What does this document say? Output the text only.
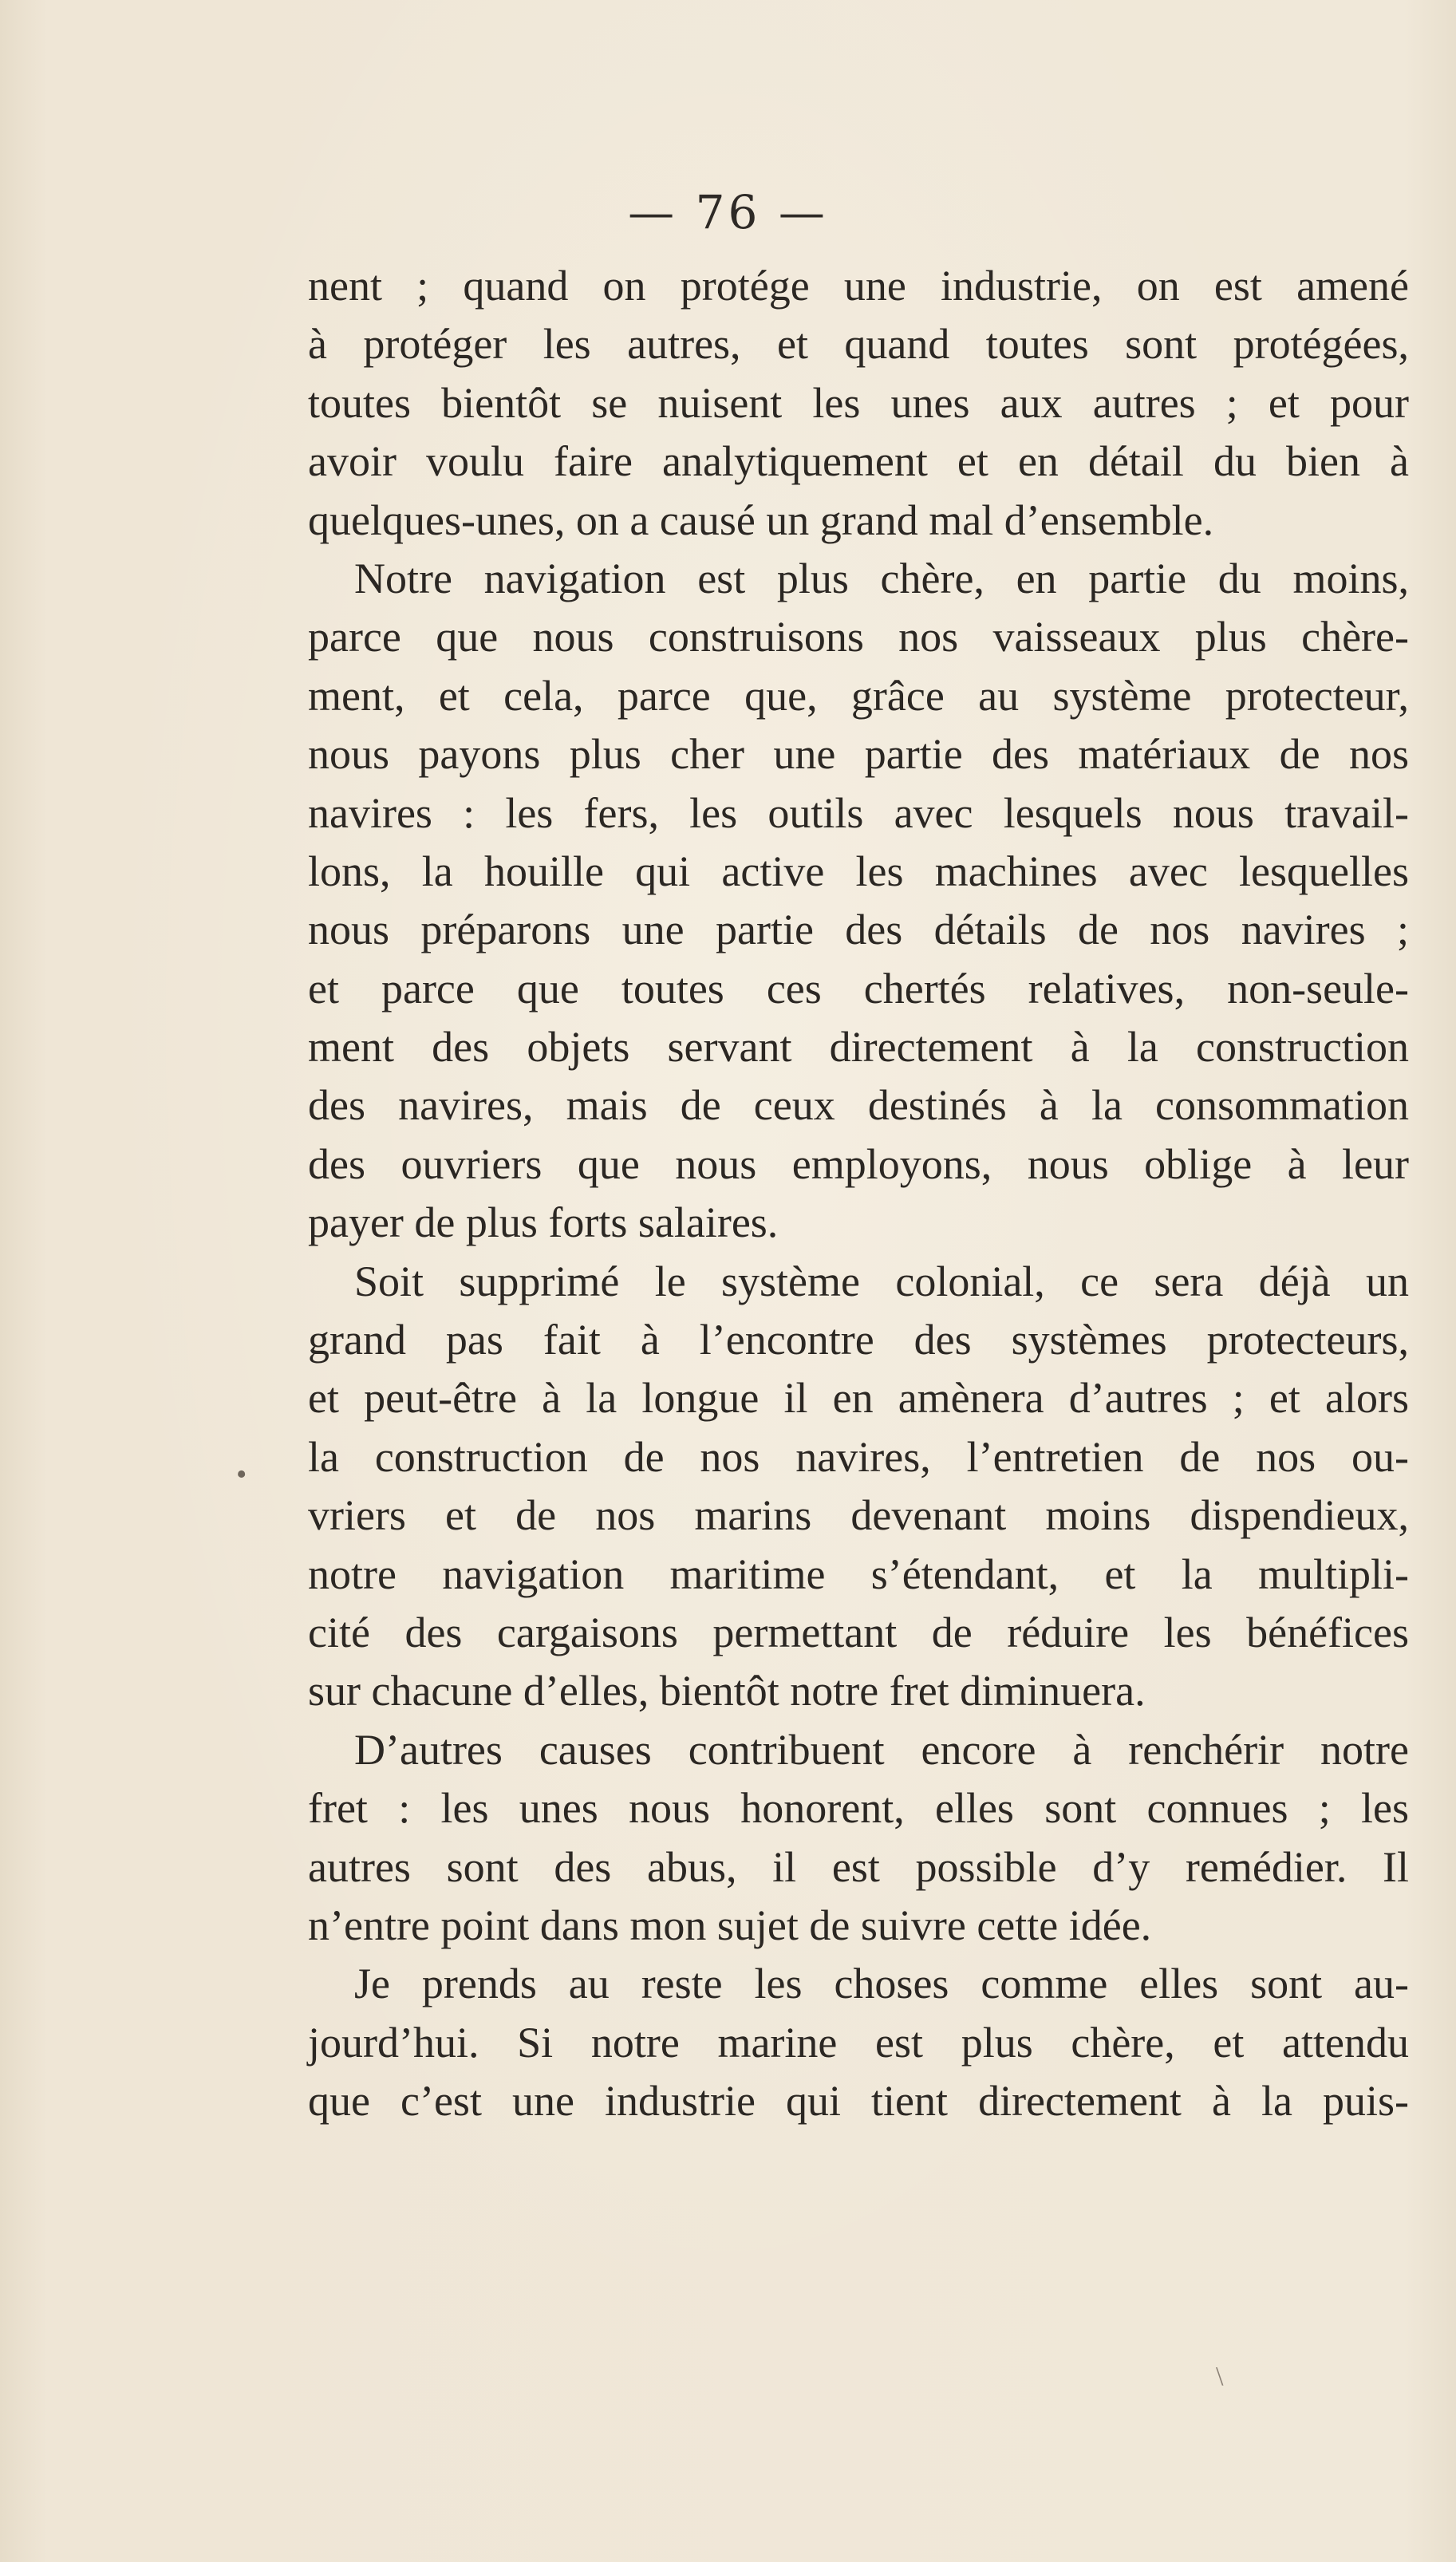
— 76 —
nent ; quand on protége une industrie, on est amené
à protéger les autres, et quand toutes sont protégées,
toutes bientôt se nuisent les unes aux autres ; et pour
avoir voulu faire analytiquement et en détail du bien à
quelques-unes, on a causé un grand mal d’ensemble.
Notre navigation est plus chère, en partie du moins,
parce que nous construisons nos vaisseaux plus chère-
ment, et cela, parce que, grâce au système protecteur,
nous payons plus cher une partie des matériaux de nos
navires : les fers, les outils avec lesquels nous travail-
lons, la houille qui active les machines avec lesquelles
nous préparons une partie des détails de nos navires ;
et parce que toutes ces chertés relatives, non-seule-
ment des objets servant directement à la construction
des navires, mais de ceux destinés à la consommation
des ouvriers que nous employons, nous oblige à leur
payer de plus forts salaires.
Soit supprimé le système colonial, ce sera déjà un
grand pas fait à l’encontre des systèmes protecteurs,
et peut-être à la longue il en amènera d’autres ; et alors
la construction de nos navires, l’entretien de nos ou-
vriers et de nos marins devenant moins dispendieux,
notre navigation maritime s’étendant, et la multipli-
cité des cargaisons permettant de réduire les bénéfices
sur chacune d’elles, bientôt notre fret diminuera.
D’autres causes contribuent encore à renchérir notre
fret : les unes nous honorent, elles sont connues ; les
autres sont des abus, il est possible d’y remédier. Il
n’entre point dans mon sujet de suivre cette idée.
Je prends au reste les choses comme elles sont au-
jourd’hui. Si notre marine est plus chère, et attendu
que c’est une industrie qui tient directement à la puis-
•
\
